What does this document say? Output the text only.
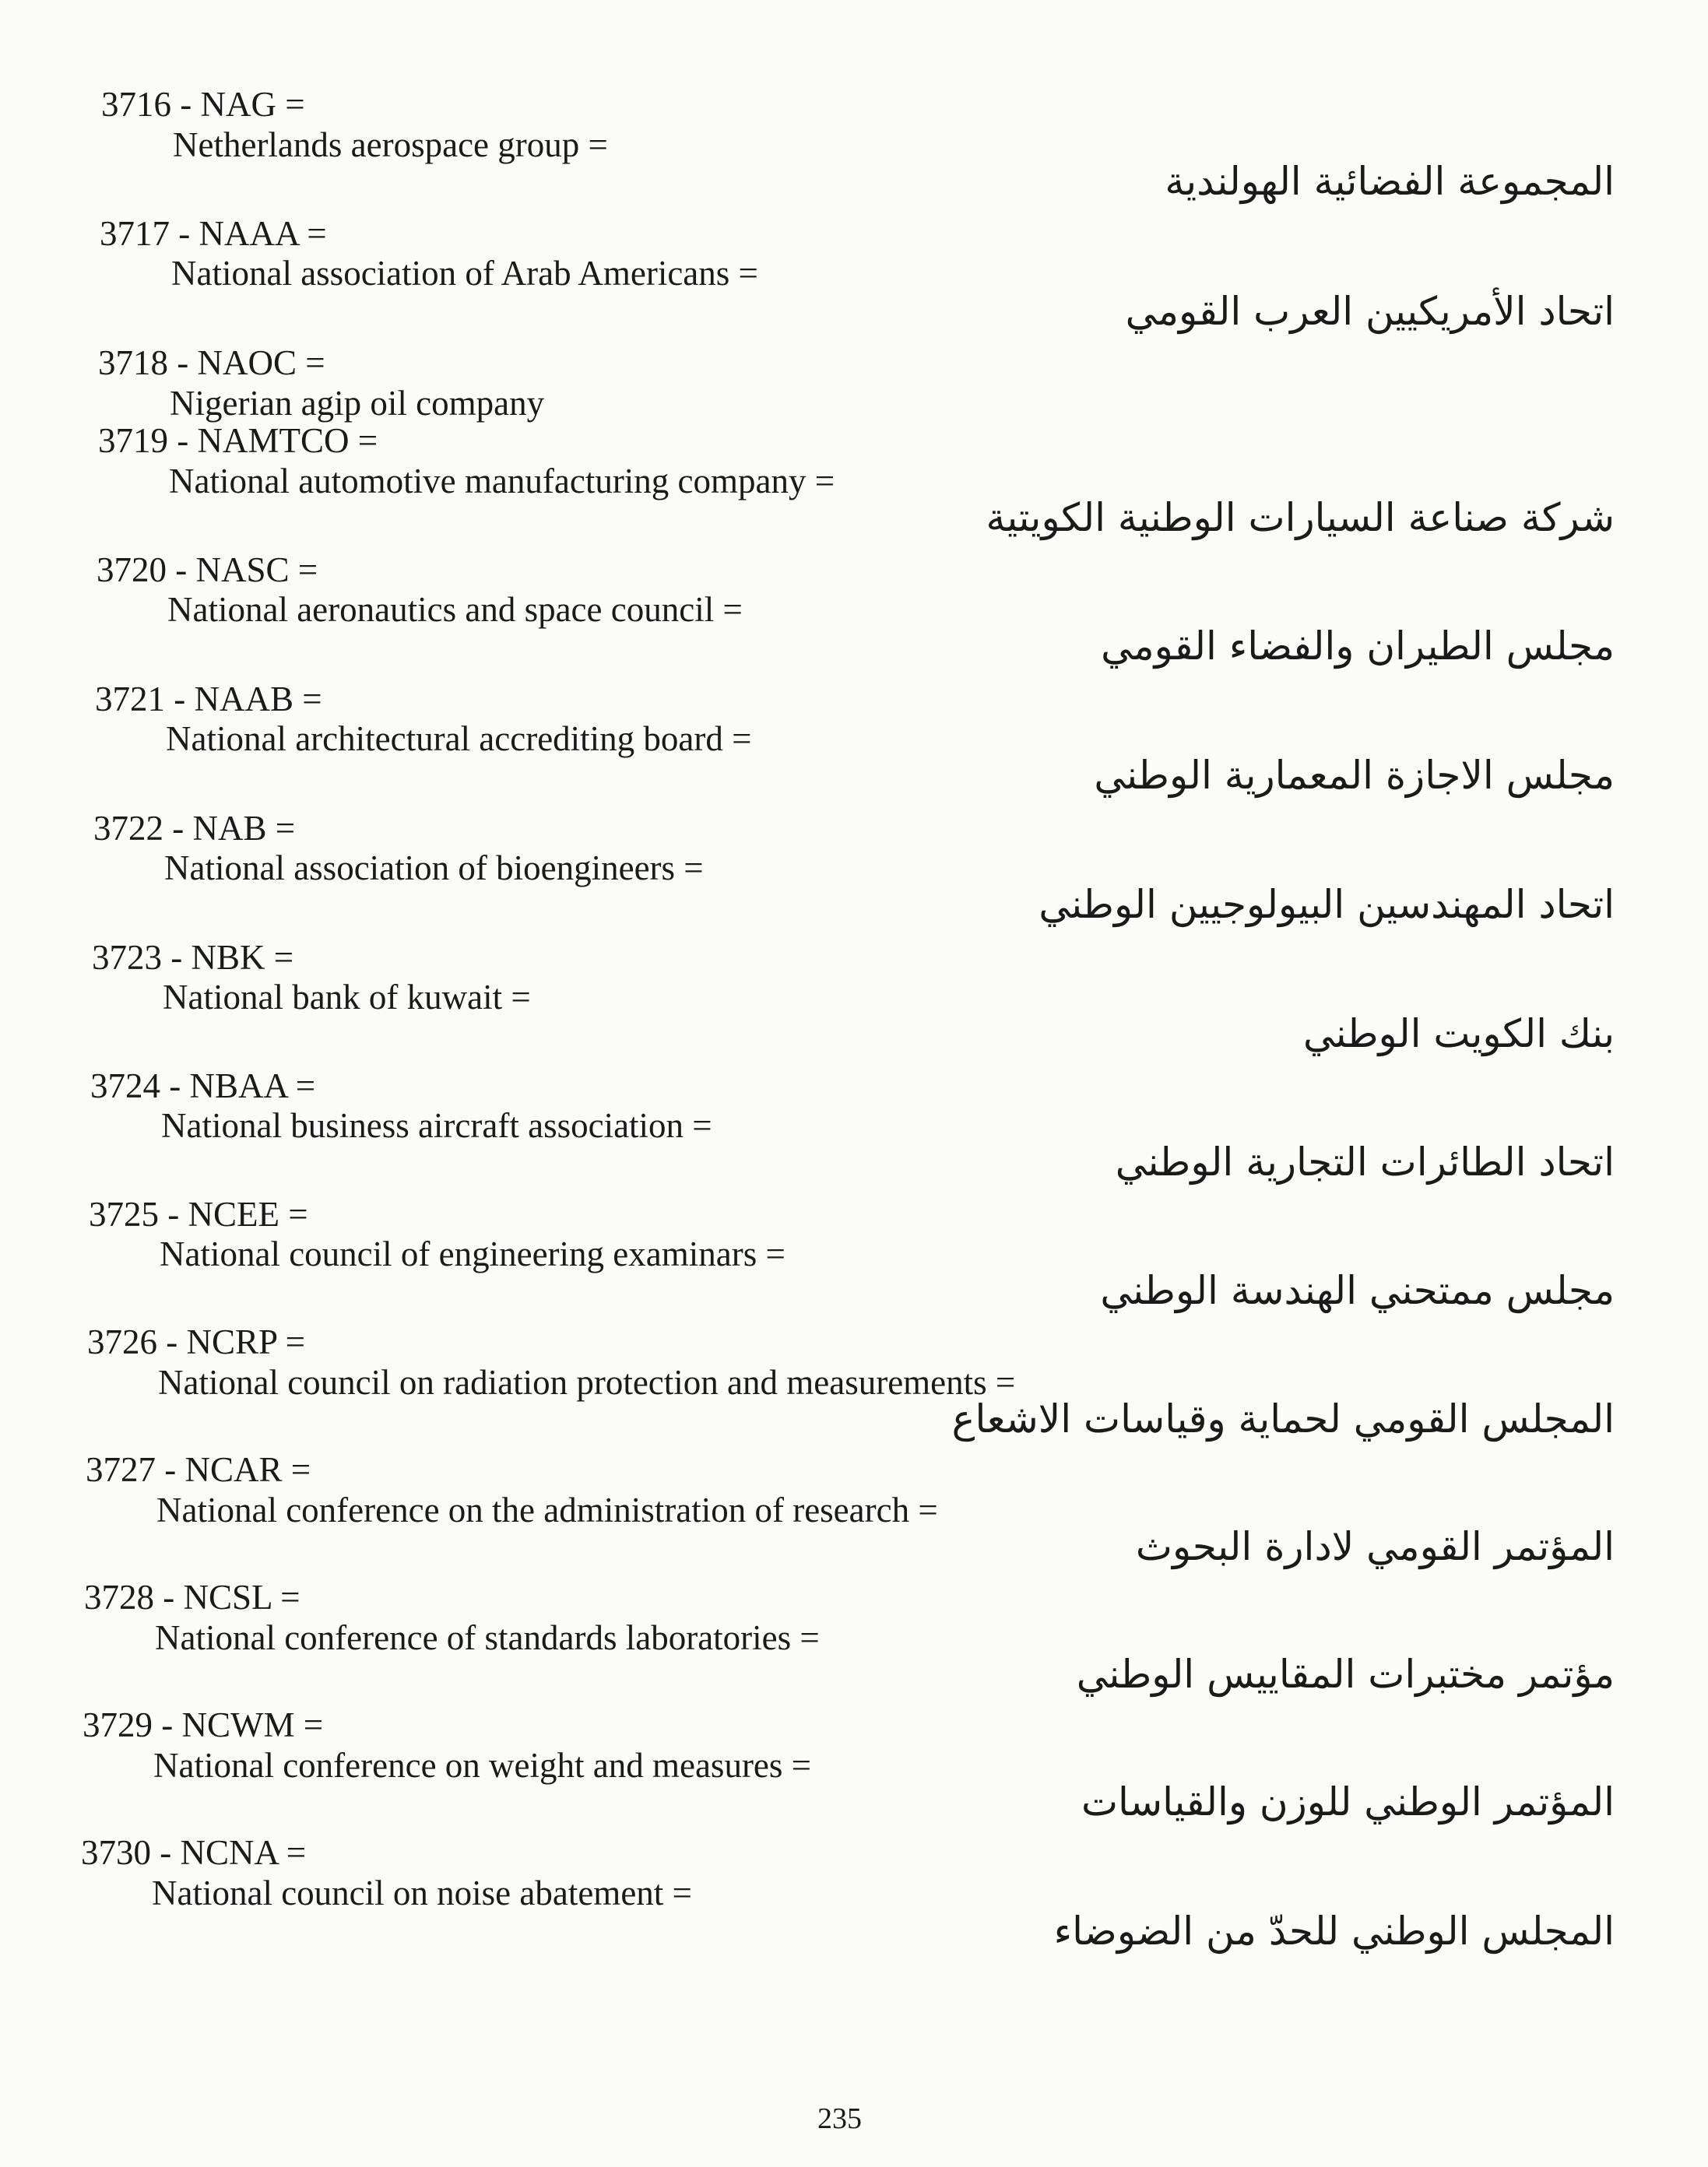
3716 - NAG =
Netherlands aerospace group =
المجموعة الفضائية الهولندية
3717 - NAAA =
National association of Arab Americans =
اتحاد الأمريكيين العرب القومي
3718 - NAOC =
Nigerian agip oil company
3719 - NAMTCO =
National automotive manufacturing company =
شركة صناعة السيارات الوطنية الكويتية
3720 - NASC =
National aeronautics and space council =
مجلس الطيران والفضاء القومي
3721 - NAAB =
National architectural accrediting board =
مجلس الاجازة المعمارية الوطني
3722 - NAB =
National association of bioengineers =
اتحاد المهندسين البيولوجيين الوطني
3723 - NBK =
National bank of kuwait =
بنك الكويت الوطني
3724 - NBAA =
National business aircraft association =
اتحاد الطائرات التجارية الوطني
3725 - NCEE =
National council of engineering examinars =
مجلس ممتحني الهندسة الوطني
3726 - NCRP =
National council on radiation protection and measurements =
المجلس القومي لحماية وقياسات الاشعاع
3727 - NCAR =
National conference on the administration of research =
المؤتمر القومي لادارة البحوث
3728 - NCSL =
National conference of standards laboratories =
مؤتمر مختبرات المقاييس الوطني
3729 - NCWM =
National conference on weight and measures =
المؤتمر الوطني للوزن والقياسات
3730 - NCNA =
National council on noise abatement =
المجلس الوطني للحدّ من الضوضاء
235
